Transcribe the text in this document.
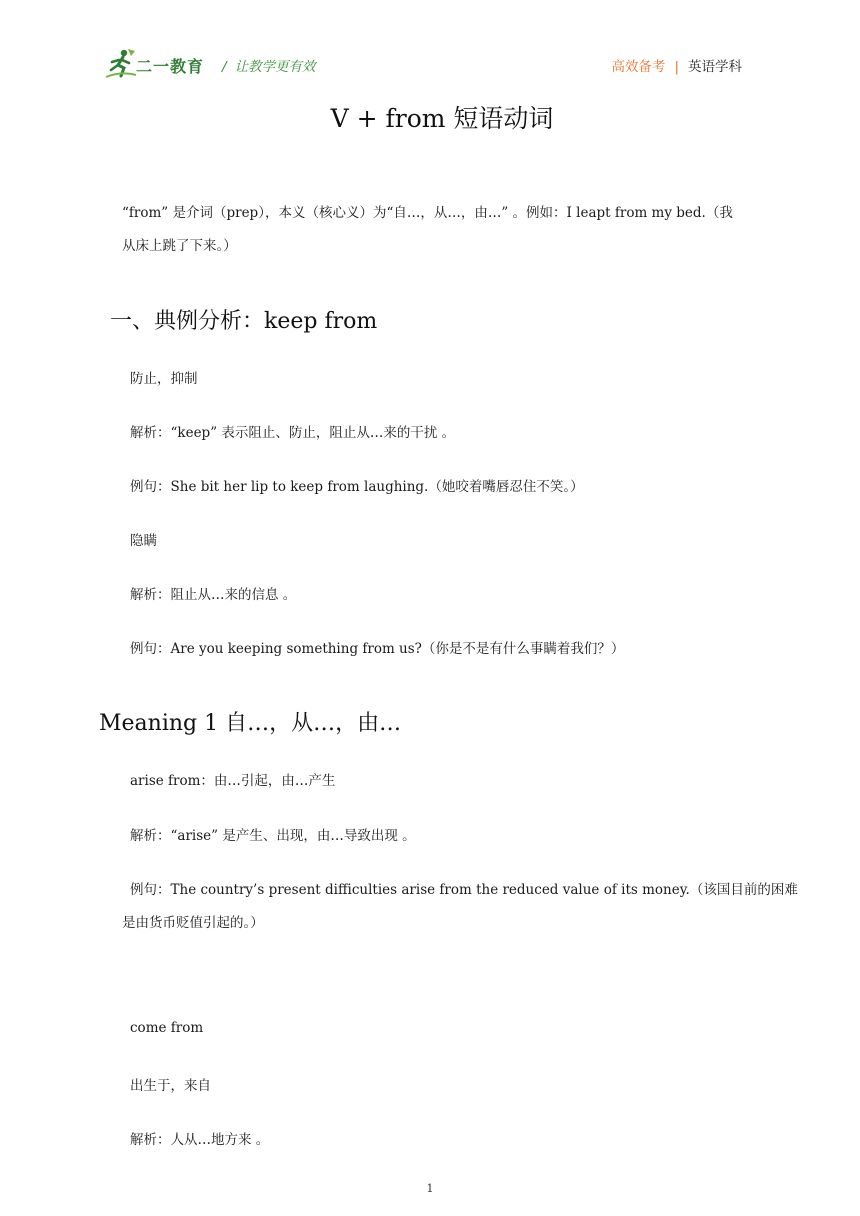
二一教育 / 让教学更有效	高效备考 | 英语学科
V + from 短语动词
“from” 是介词（prep），本义（核心义）为“自…，从…，由…” 。例如：I leapt from my bed.（我
从床上跳了下来。）
一、典例分析：keep from
防止，抑制
解析：“keep” 表示阻止、防止，阻止从…来的干扰 。
例句：She bit her lip to keep from laughing.（她咬着嘴唇忍住不笑。）
隐瞒
解析：阻止从…来的信息 。
例句：Are you keeping something from us?（你是不是有什么事瞒着我们？）
Meaning 1 自…，从…，由…
arise from：由…引起，由…产生
解析：“arise” 是产生、出现，由…导致出现 。
例句：The country’s present difficulties arise from the reduced value of its money.（该国目前的困难
是由货币贬值引起的。）
come from
出生于，来自
解析：人从…地方来 。
1
